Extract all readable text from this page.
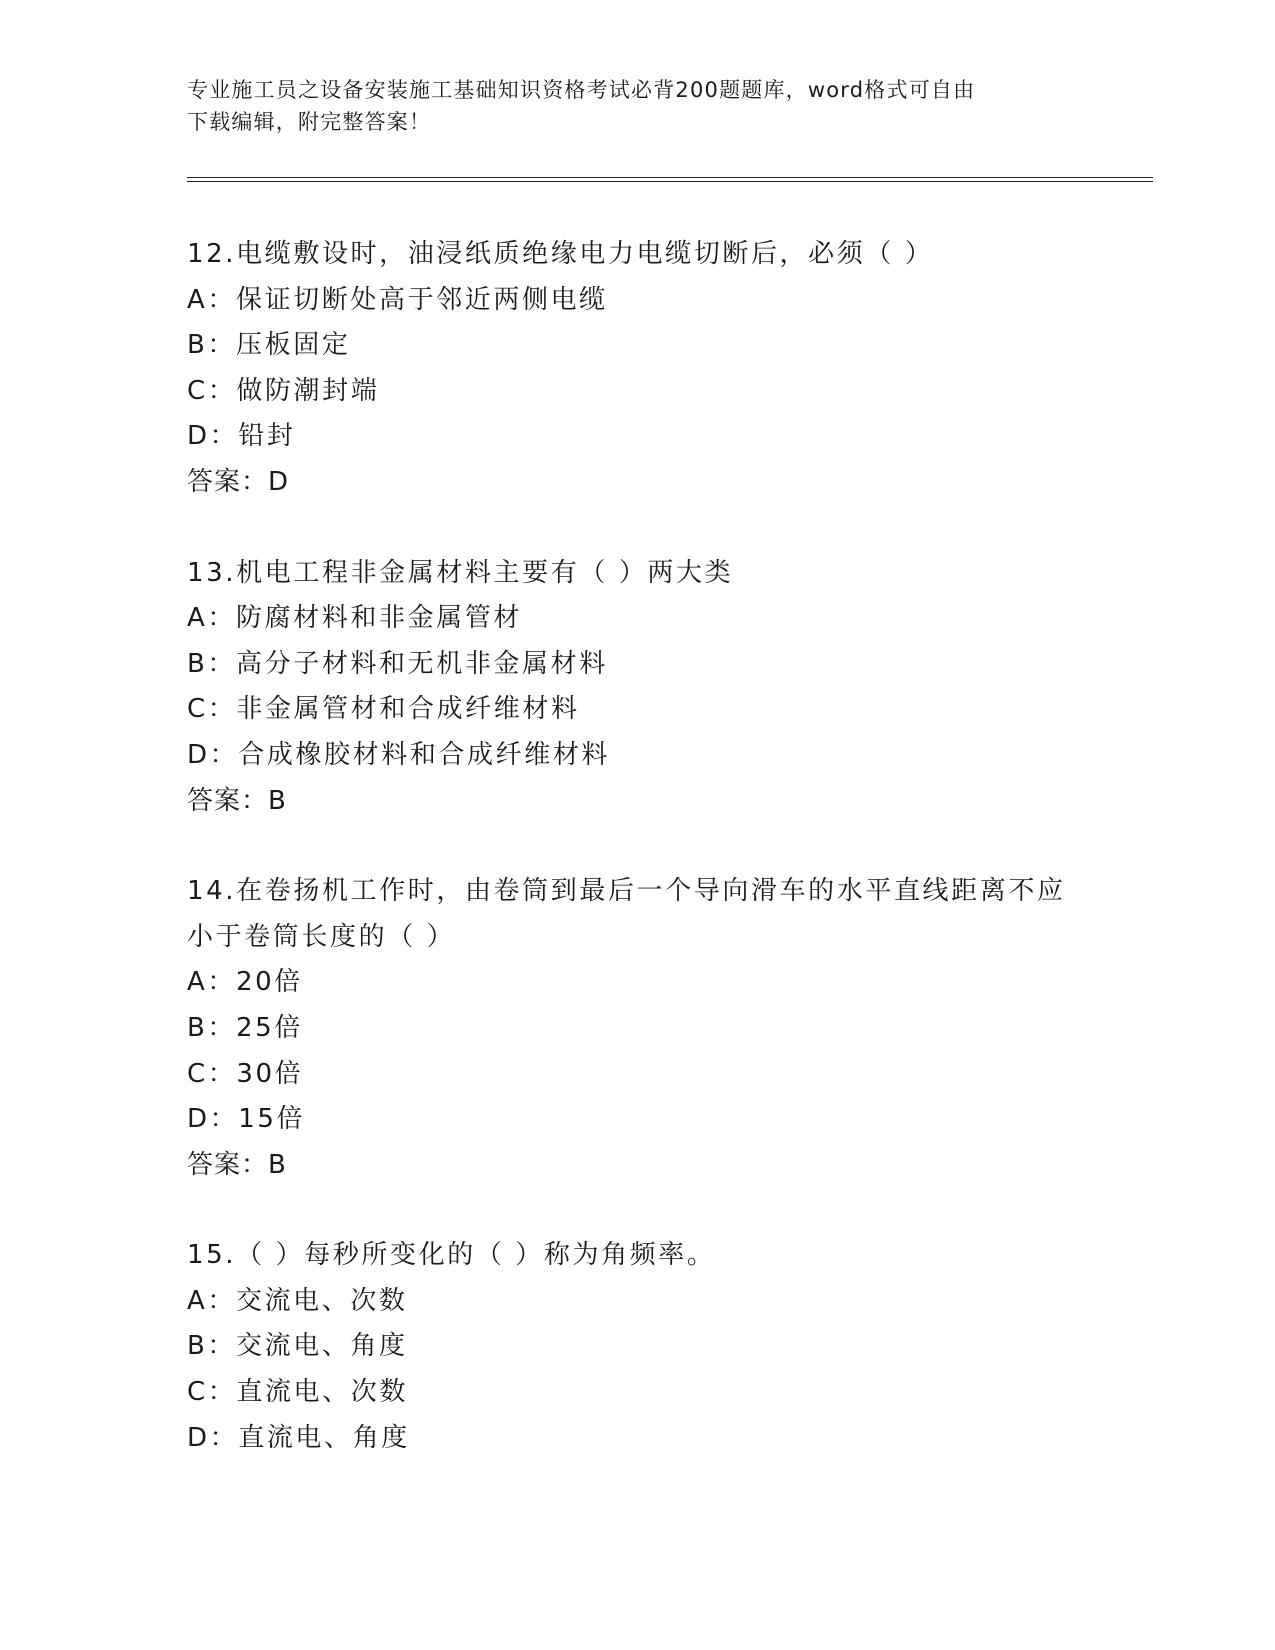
专业施工员之设备安装施工基础知识资格考试必背200题题库，word格式可自由
下载编辑，附完整答案！
12.电缆敷设时，油浸纸质绝缘电力电缆切断后，必须（ ）
A：保证切断处高于邻近两侧电缆
B：压板固定
C：做防潮封端
D：铅封
答案：D
13.机电工程非金属材料主要有（ ）两大类
A：防腐材料和非金属管材
B：高分子材料和无机非金属材料
C：非金属管材和合成纤维材料
D：合成橡胶材料和合成纤维材料
答案：B
14.在卷扬机工作时，由卷筒到最后一个导向滑车的水平直线距离不应
小于卷筒长度的（ ）
A：20倍
B：25倍
C：30倍
D：15倍
答案：B
15.（ ）每秒所变化的（ ）称为角频率。
A：交流电、次数
B：交流电、角度
C：直流电、次数
D：直流电、角度
